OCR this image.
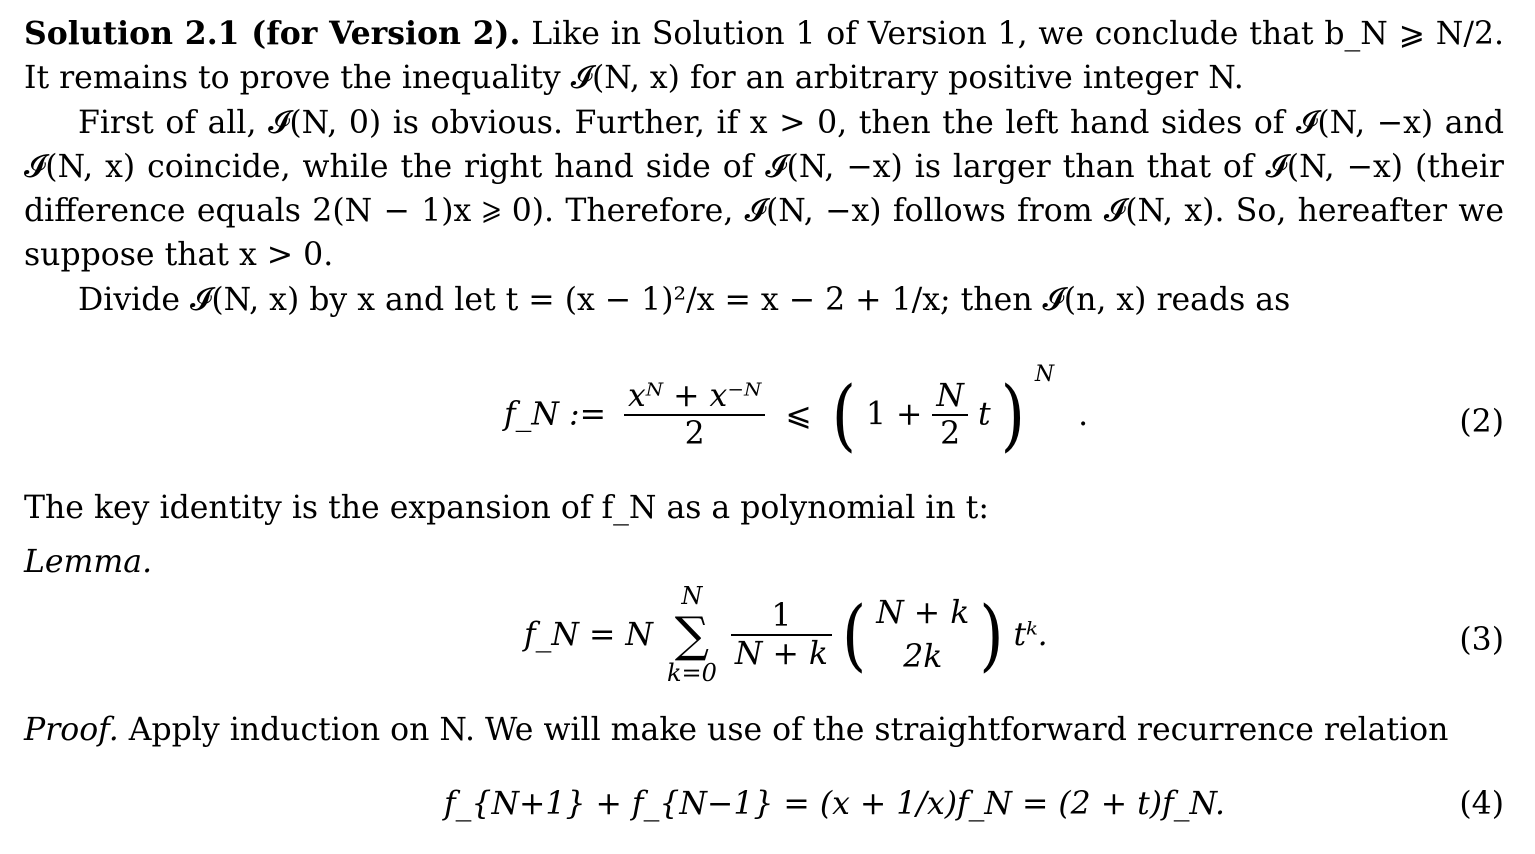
Solution 2.1 (for Version 2). Like in Solution 1 of Version 1, we conclude that b_N ⩾ N/2. It remains to prove the inequality 𝓘(N, x) for an arbitrary positive integer N.

First of all, 𝓘(N, 0) is obvious. Further, if x > 0, then the left hand sides of 𝓘(N, −x) and 𝓘(N, x) coincide, while the right hand side of 𝓘(N, −x) is larger than that of 𝓘(N, −x) (their difference equals 2(N − 1)x ⩾ 0). Therefore, 𝓘(N, −x) follows from 𝓘(N, x). So, hereafter we suppose that x > 0.

Divide 𝓘(N, x) by x and let t = (x − 1)²/x = x − 2 + 1/x; then 𝓘(n, x) reads as

f_N := $\frac{\text{xᴺ + x⁻ᴺ}}{2}$ ⩽ ( $1 + \frac{N}{2}$ t ) $^N$ .	(2)

The key identity is the expansion of f_N as a polynomial in t:

Lemma.

f_N = N
N
∑
k=0

$\frac{1}{N + k}$ ( N + k
2k ) tᵏ.	(3)

Proof. Apply induction on N. We will make use of the straightforward recurrence relation

f_{N+1} + f_{N−1} = (x + 1/x)f_N = (2 + t)f_N.	(4)
